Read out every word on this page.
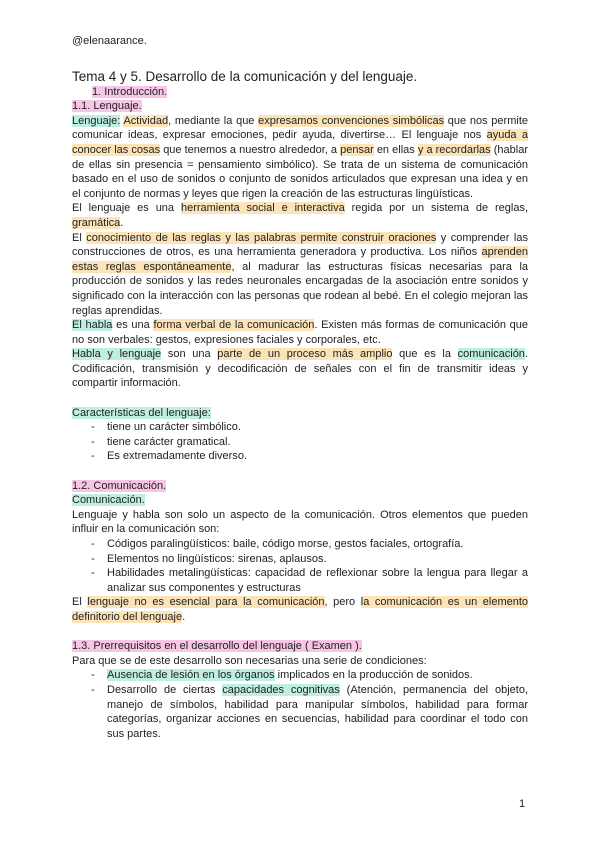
@elenaarance.
Tema 4 y 5. Desarrollo de la comunicación y del lenguaje.
1. Introducción.
1.1. Lenguaje.

Lenguaje: Actividad, mediante la que expresamos convenciones simbólicas que nos permite comunicar ideas, expresar emociones, pedir ayuda, divertirse… El lenguaje nos ayuda a conocer las cosas que tenemos a nuestro alrededor, a pensar en ellas y a recordarlas (hablar de ellas sin presencia = pensamiento simbólico). Se trata de un sistema de comunicación basado en el uso de sonidos o conjunto de sonidos articulados que expresan una idea y en el conjunto de normas y leyes que rigen la creación de las estructuras lingüísticas.

El lenguaje es una herramienta social e interactiva regida por un sistema de reglas, gramática.

El conocimiento de las reglas y las palabras permite construir oraciones y comprender las construcciones de otros, es una herramienta generadora y productiva. Los niños aprenden estas reglas espontáneamente, al madurar las estructuras físicas necesarias para la producción de sonidos y las redes neuronales encargadas de la asociación entre sonidos y significado con la interacción con las personas que rodean al bebé. En el colegio mejoran las reglas aprendidas.

El habla es una forma verbal de la comunicación. Existen más formas de comunicación que no son verbales: gestos, expresiones faciales y corporales, etc.

Habla y lenguaje son una parte de un proceso más amplio que es la comunicación. Codificación, transmisión y decodificación de señales con el fin de transmitir ideas y compartir información.

Características del lenguaje:
- tiene un carácter simbólico.
- tiene carácter gramatical.
- Es extremadamente diverso.
1.2. Comunicación.
Comunicación.

Lenguaje y habla son solo un aspecto de la comunicación. Otros elementos que pueden influir en la comunicación son:

- Códigos paralingüísticos: baile, código morse, gestos faciales, ortografía.
- Elementos no lingüísticos: sirenas, aplausos.
- Habilidades metalingüísticas: capacidad de reflexionar sobre la lengua para llegar a analizar sus componentes y estructuras

El lenguaje no es esencial para la comunicación, pero la comunicación es un elemento definitorio del lenguaje.

1.3. Prerrequisitos en el desarrollo del lenguaje ( Examen ).

Para que se de este desarrollo son necesarias una serie de condiciones:

- Ausencia de lesión en los órganos implicados en la producción de sonidos.
- Desarrollo de ciertas capacidades cognitivas (Atención, permanencia del objeto, manejo de símbolos, habilidad para manipular símbolos, habilidad para formar categorías, organizar acciones en secuencias, habilidad para coordinar el todo con sus partes.
1
